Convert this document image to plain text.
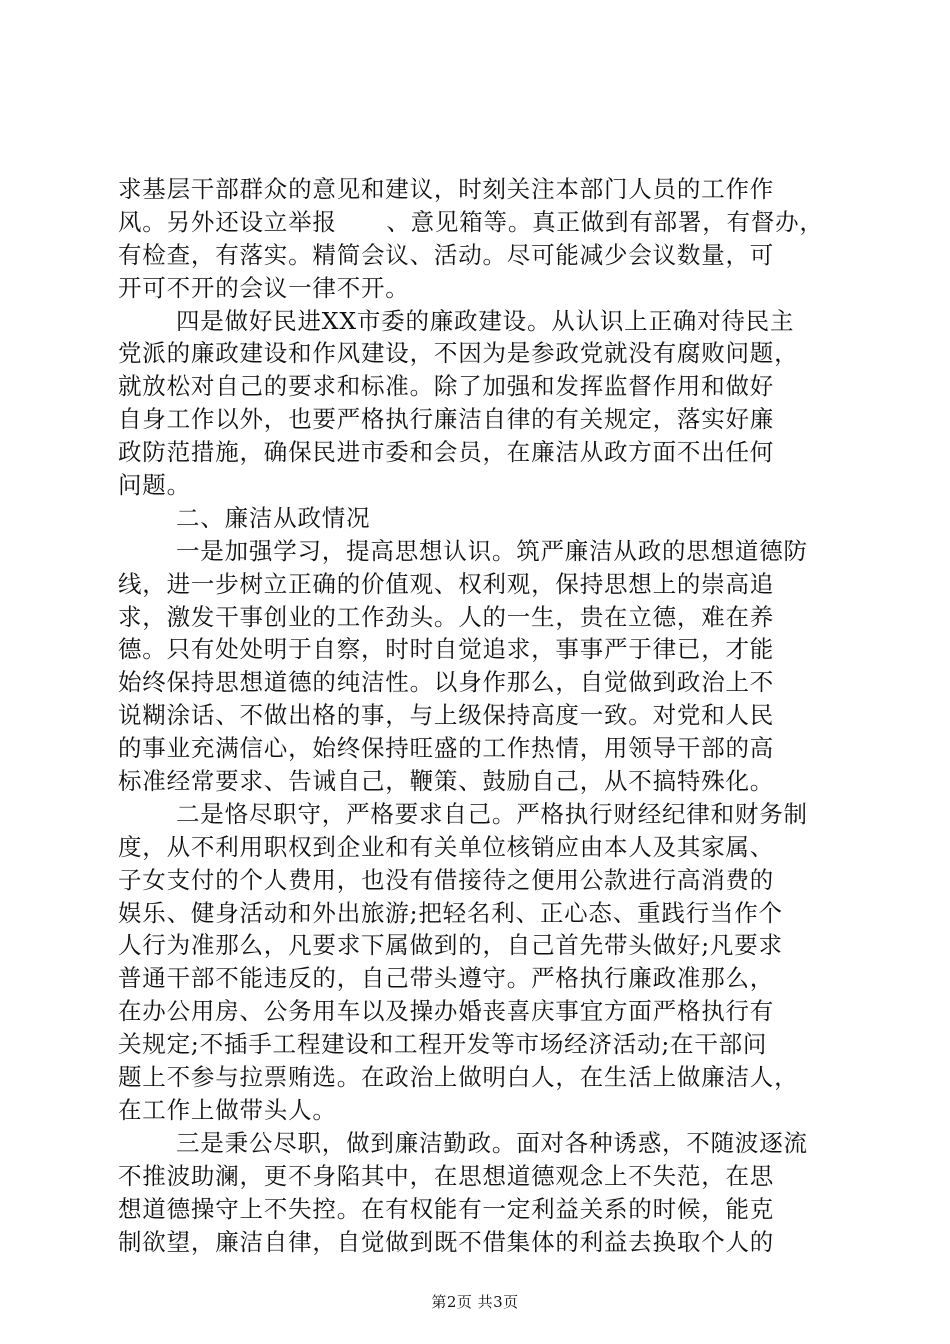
求基层干部群众的意见和建议，时刻关注本部门人员的工作作
风。另外还设立举报      、意见箱等。真正做到有部署，有督办，
有检查，有落实。精简会议、活动。尽可能减少会议数量，可
开可不开的会议一律不开。
四是做好民进XX市委的廉政建设。从认识上正确对待民主
党派的廉政建设和作风建设，不因为是参政党就没有腐败问题，
就放松对自己的要求和标准。除了加强和发挥监督作用和做好
自身工作以外，也要严格执行廉洁自律的有关规定，落实好廉
政防范措施，确保民进市委和会员，在廉洁从政方面不出任何
问题。
二、廉洁从政情况
一是加强学习，提高思想认识。筑严廉洁从政的思想道德防
线，进一步树立正确的价值观、权利观，保持思想上的崇高追
求，激发干事创业的工作劲头。人的一生，贵在立德，难在养
德。只有处处明于自察，时时自觉追求，事事严于律已，才能
始终保持思想道德的纯洁性。以身作那么，自觉做到政治上不
说糊涂话、不做出格的事，与上级保持高度一致。对党和人民
的事业充满信心，始终保持旺盛的工作热情，用领导干部的高
标准经常要求、告诫自己，鞭策、鼓励自己，从不搞特殊化。
二是恪尽职守，严格要求自己。严格执行财经纪律和财务制
度，从不利用职权到企业和有关单位核销应由本人及其家属、
子女支付的个人费用，也没有借接待之便用公款进行高消费的
娱乐、健身活动和外出旅游;把轻名利、正心态、重践行当作个
人行为准那么，凡要求下属做到的，自己首先带头做好;凡要求
普通干部不能违反的，自己带头遵守。严格执行廉政准那么，
在办公用房、公务用车以及操办婚丧喜庆事宜方面严格执行有
关规定;不插手工程建设和工程开发等市场经济活动;在干部问
题上不参与拉票贿选。在政治上做明白人，在生活上做廉洁人，
在工作上做带头人。
三是秉公尽职，做到廉洁勤政。面对各种诱惑，不随波逐流
不推波助澜，更不身陷其中，在思想道德观念上不失范，在思
想道德操守上不失控。在有权能有一定利益关系的时候，能克
制欲望，廉洁自律，自觉做到既不借集体的利益去换取个人的
第2页 共3页
